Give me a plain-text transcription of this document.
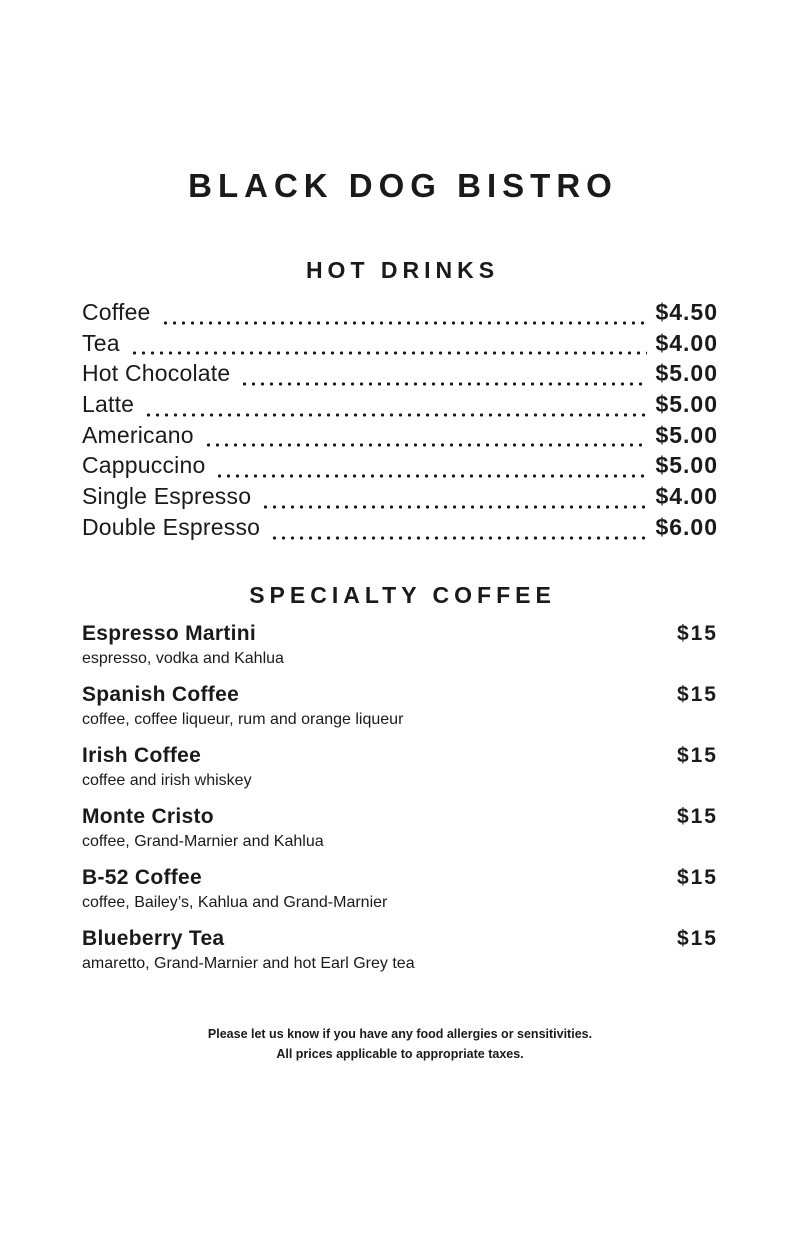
BLACK DOG BISTRO
HOT DRINKS
Coffee	$4.50
Tea	$4.00
Hot Chocolate	$5.00
Latte	$5.00
Americano	$5.00
Cappuccino	$5.00
Single Espresso	$4.00
Double Espresso	$6.00
SPECIALTY COFFEE
Espresso Martini	$15
espresso, vodka and Kahlua
Spanish Coffee	$15
coffee, coffee liqueur, rum and orange liqueur
Irish Coffee	$15
coffee and irish whiskey
Monte Cristo	$15
coffee, Grand-Marnier and Kahlua
B-52 Coffee	$15
coffee, Bailey’s, Kahlua and Grand-Marnier
Blueberry Tea	$15
amaretto, Grand-Marnier and hot Earl Grey tea
Please let us know if you have any food allergies or sensitivities.
All prices applicable to appropriate taxes.
